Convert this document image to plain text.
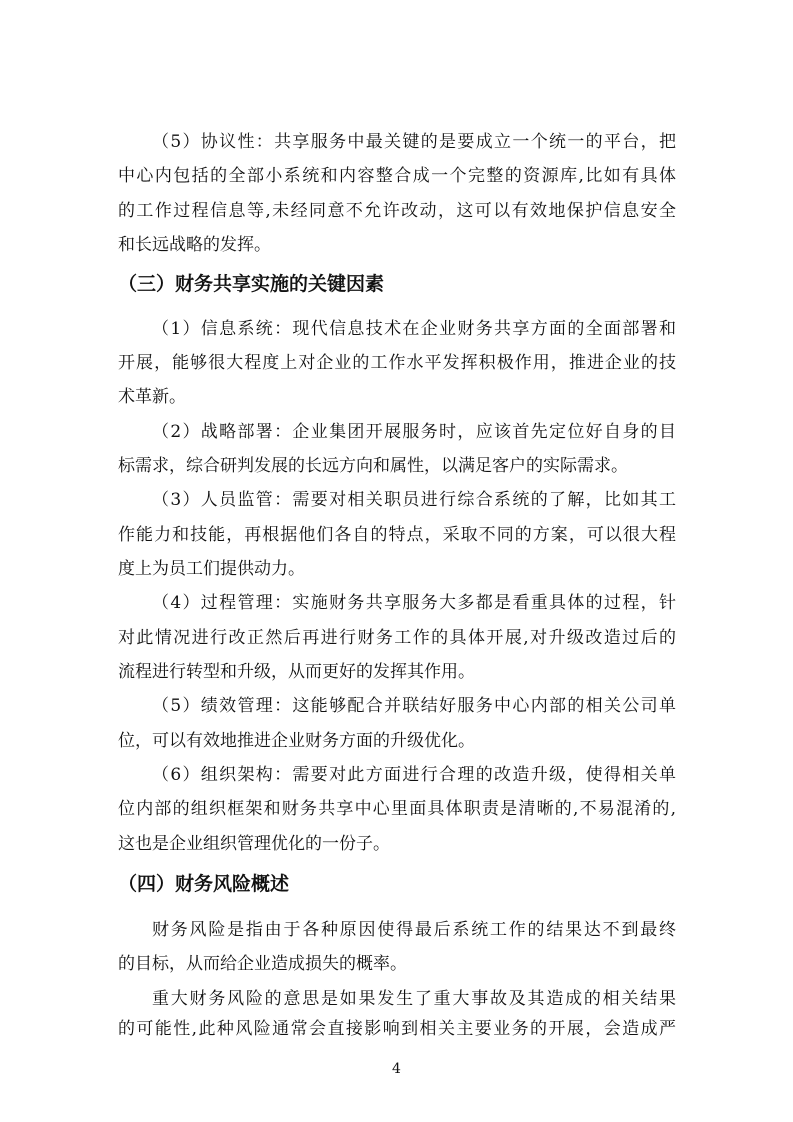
（5）协议性：共享服务中最关键的是要成立一个统一的平台，把
中心内包括的全部小系统和内容整合成一个完整的资源库,比如有具体
的工作过程信息等,未经同意不允许改动，这可以有效地保护信息安全
和长远战略的发挥。
（三）财务共享实施的关键因素
（1）信息系统：现代信息技术在企业财务共享方面的全面部署和
开展，能够很大程度上对企业的工作水平发挥积极作用，推进企业的技
术革新。
（2）战略部署：企业集团开展服务时，应该首先定位好自身的目
标需求，综合研判发展的长远方向和属性，以满足客户的实际需求。
（3）人员监管：需要对相关职员进行综合系统的了解，比如其工
作能力和技能，再根据他们各自的特点，采取不同的方案，可以很大程
度上为员工们提供动力。
（4）过程管理：实施财务共享服务大多都是看重具体的过程，针
对此情况进行改正然后再进行财务工作的具体开展,对升级改造过后的
流程进行转型和升级，从而更好的发挥其作用。
（5）绩效管理：这能够配合并联结好服务中心内部的相关公司单
位，可以有效地推进企业财务方面的升级优化。
（6）组织架构：需要对此方面进行合理的改造升级，使得相关单
位内部的组织框架和财务共享中心里面具体职责是清晰的,不易混淆的,
这也是企业组织管理优化的一份子。
（四）财务风险概述
财务风险是指由于各种原因使得最后系统工作的结果达不到最终
的目标，从而给企业造成损失的概率。
重大财务风险的意思是如果发生了重大事故及其造成的相关结果
的可能性,此种风险通常会直接影响到相关主要业务的开展，会造成严
4
